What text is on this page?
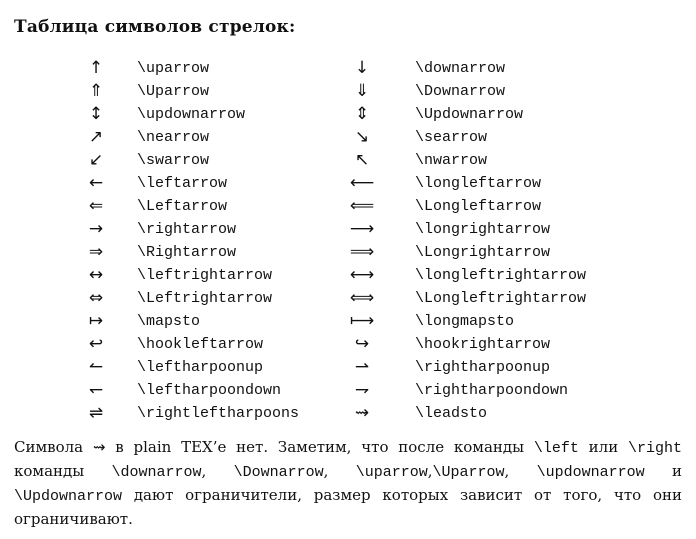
Таблица символов стрелок:
↑	\uparrow	↓	\downarrow
⇑	\Uparrow	⇓	\Downarrow
↕	\updownarrow	⇕	\Updownarrow
↗	\nearrow	↘	\searrow
↙	\swarrow	↖	\nwarrow
←	\leftarrow	⟵	\longleftarrow
⇐	\Leftarrow	⟸	\Longleftarrow
→	\rightarrow	⟶	\longrightarrow
⇒	\Rightarrow	⟹	\Longrightarrow
↔	\leftrightarrow	⟷	\longleftrightarrow
⇔	\Leftrightarrow	⟺	\Longleftrightarrow
↦	\mapsto	⟼	\longmapsto
↩	\hookleftarrow	↪	\hookrightarrow
↼	\leftharpoonup	⇀	\rightharpoonup
↽	\leftharpoondown	⇁	\rightharpoondown
⇌	\rightleftharpoons	⇝	\leadsto
Символа ⇝ в plain TEX’е нет. Заметим, что после команды \left или \right команды \downarrow, \Downarrow, \uparrow,\Uparrow, \updownarrow и \Updownarrow дают ограничители, размер которых зависит от того, что они ограничивают.
